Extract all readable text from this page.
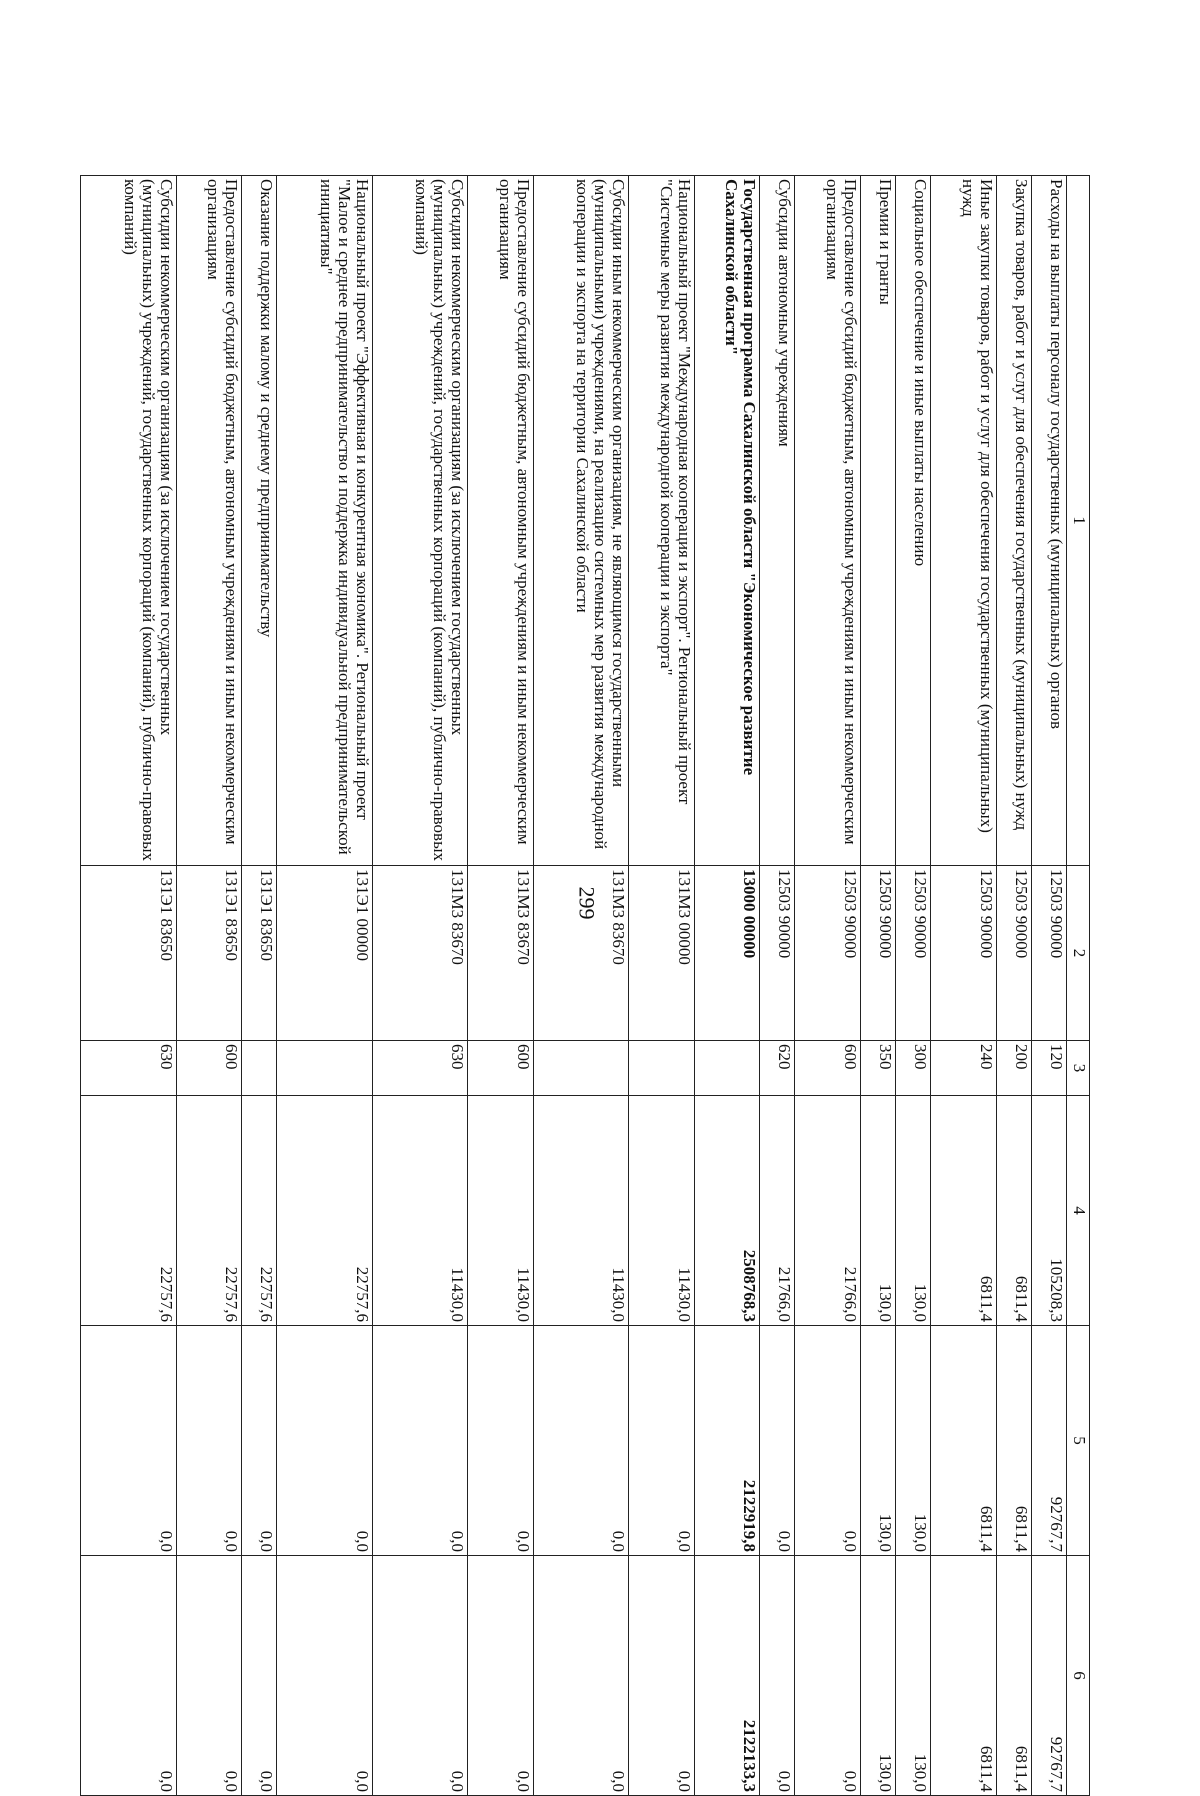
299
1	2	3	4	5	6
Расходы на выплаты персоналу государственных (муниципальных) органов	12503 90000	120	105208,3	92767,7	92767,7
Закупка товаров, работ и услуг для обеспечения государственных (муниципальных) нужд	12503 90000	200	6811,4	6811,4	6811,4
Иные закупки товаров, работ и услуг для обеспечения государственных (муниципальных) нужд	12503 90000	240	6811,4	6811,4	6811,4
Социальное обеспечение и иные выплаты населению	12503 90000	300	130,0	130,0	130,0
Премии и гранты	12503 90000	350	130,0	130,0	130,0
Предоставление субсидий бюджетным, автономным учреждениям и иным некоммерческим организациям	12503 90000	600	21766,0	0,0	0,0
Субсидии автономным учреждениям	12503 90000	620	21766,0	0,0	0,0
Государственная программа Сахалинской области "Экономическое развитие Сахалинской области"	13000 00000		2508768,3	2122919,8	2122133,3
Национальный проект "Международная кооперация и экспорт". Региональный проект "Системные меры развития международной кооперации и экспорта"	131М3 00000		11430,0	0,0	0,0
Субсидии иным некоммерческим организациям, не являющимся государственными (муниципальными) учреждениями, на реализацию системных мер развития международной кооперации и экспорта на территории Сахалинской области	131М3 83670		11430,0	0,0	0,0
Предоставление субсидий бюджетным, автономным учреждениям и иным некоммерческим организациям	131М3 83670	600	11430,0	0,0	0,0
Субсидии некоммерческим организациям (за исключением государственных (муниципальных) учреждений, государственных корпораций (компаний), публично-правовых компаний)	131М3 83670	630	11430,0	0,0	0,0
Национальный проект "Эффективная и конкурентная экономика". Региональный проект "Малое и среднее предпринимательство и поддержка индивидуальной предпринимательской инициативы"	131Э1 00000		22757,6	0,0	0,0
Оказание поддержки малому и среднему предпринимательству	131Э1 83650		22757,6	0,0	0,0
Предоставление субсидий бюджетным, автономным учреждениям и иным некоммерческим организациям	131Э1 83650	600	22757,6	0,0	0,0
Субсидии некоммерческим организациям (за исключением государственных (муниципальных) учреждений, государственных корпораций (компаний), публично-правовых компаний)	131Э1 83650	630	22757,6	0,0	0,0
